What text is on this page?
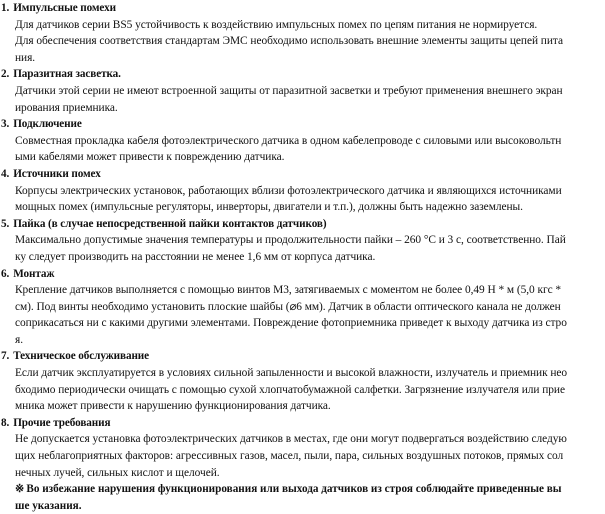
1. Импульсные помехи
Для датчиков серии BS5 устойчивость к воздействию импульсных помех по цепям питания не нормируется.
Для обеспечения соответствия стандартам ЭМС необходимо использовать внешние элементы защиты цепей пита
ния.
2. Паразитная засветка.
Датчики этой серии не имеют встроенной защиты от паразитной засветки и требуют применения внешнего экран
ирования приемника.
3. Подключение
Совместная прокладка кабеля фотоэлектрического датчика в одном кабелепроводе с силовыми или высоковольтн
ыми кабелями может привести к повреждению датчика.
4. Источники помех
Корпусы электрических установок, работающих вблизи фотоэлектрического датчика и являющихся источниками
мощных помех (импульсные регуляторы, инверторы, двигатели и т.п.), должны быть надежно заземлены.
5. Пайка (в случае непосредственной пайки контактов датчиков)
Максимально допустимые значения температуры и продолжительности пайки – 260 °С и 3 с, соответственно. Пай
ку следует производить на расстоянии не менее 1,6 мм от корпуса датчика.
6. Монтаж
Крепление датчиков выполняется с помощью винтов М3, затягиваемых с моментом не более 0,49 Н * м (5,0 кгс *
см). Под винты необходимо установить плоские шайбы (⌀6 мм). Датчик в области оптического канала не должен
соприкасаться ни с какими другими элементами. Повреждение фотоприемника приведет к выходу датчика из стро
я.
7. Техническое обслуживание
Если датчик эксплуатируется в условиях сильной запыленности и высокой влажности, излучатель и приемник нео
бходимо периодически очищать с помощью сухой хлопчатобумажной салфетки. Загрязнение излучателя или прие
мника может привести к нарушению функционирования датчика.
8. Прочие требования
Не допускается установка фотоэлектрических датчиков в местах, где они могут подвергаться воздействию следую
щих неблагоприятных факторов: агрессивных газов, масел, пыли, пара, сильных воздушных потоков, прямых сол
нечных лучей, сильных кислот и щелочей.
※ Во избежание нарушения функционирования или выхода датчиков из строя соблюдайте приведенные вы
ше указания.
